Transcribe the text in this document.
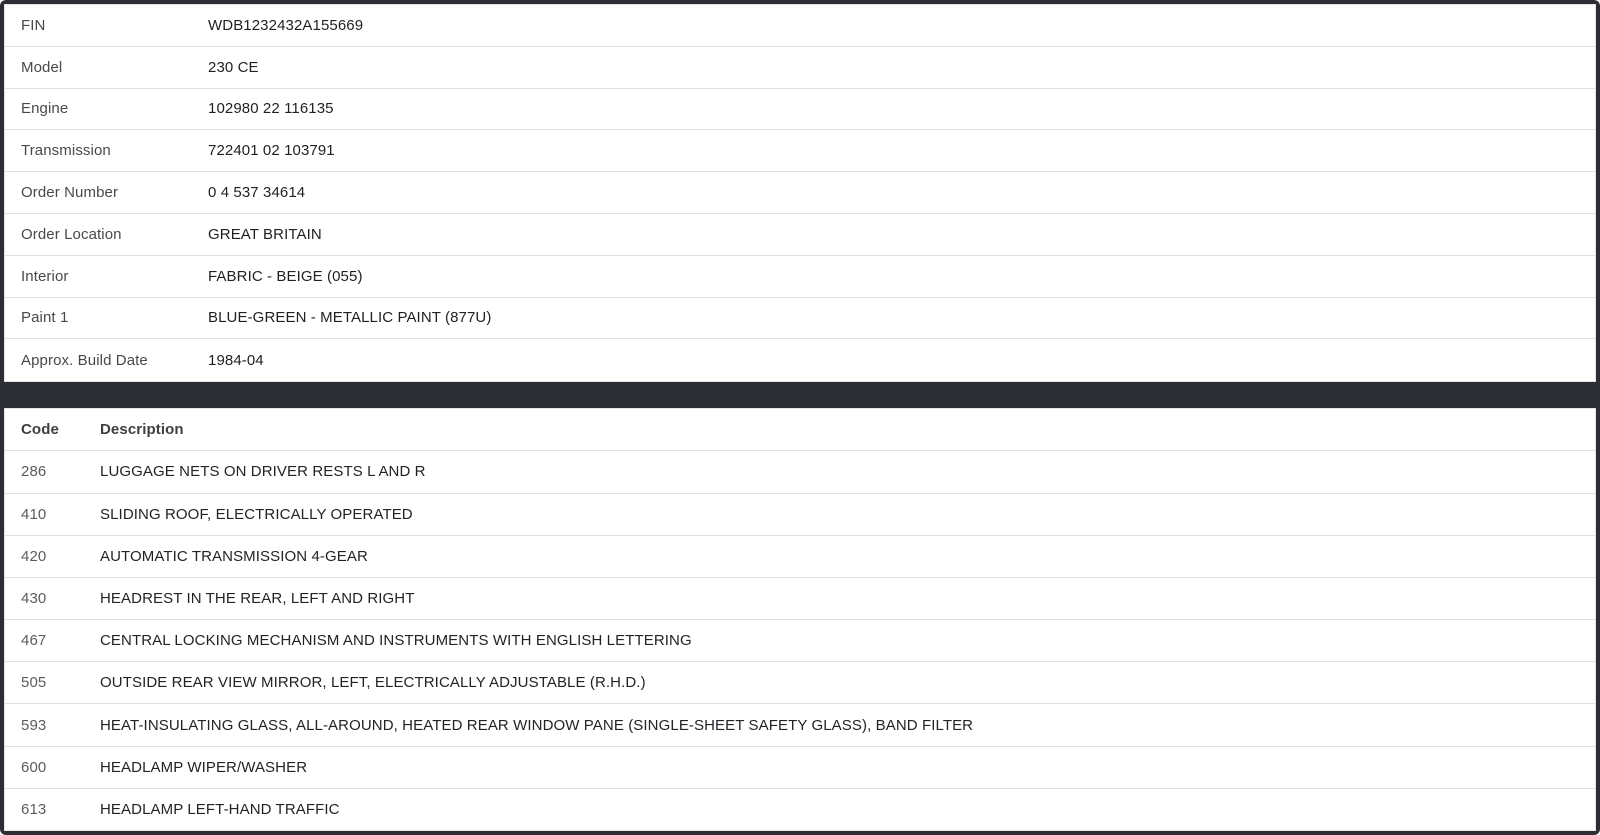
FIN	WDB1232432A155669
Model	230 CE
Engine	102980 22 116135
Transmission	722401 02 103791
Order Number	0 4 537 34614
Order Location	GREAT BRITAIN
Interior	FABRIC - BEIGE (055)
Paint 1	BLUE-GREEN - METALLIC PAINT (877U)
Approx. Build Date	1984-04
Code	Description
286	LUGGAGE NETS ON DRIVER RESTS L AND R
410	SLIDING ROOF, ELECTRICALLY OPERATED
420	AUTOMATIC TRANSMISSION 4-GEAR
430	HEADREST IN THE REAR, LEFT AND RIGHT
467	CENTRAL LOCKING MECHANISM AND INSTRUMENTS WITH ENGLISH LETTERING
505	OUTSIDE REAR VIEW MIRROR, LEFT, ELECTRICALLY ADJUSTABLE (R.H.D.)
593	HEAT-INSULATING GLASS, ALL-AROUND, HEATED REAR WINDOW PANE (SINGLE-SHEET SAFETY GLASS), BAND FILTER
600	HEADLAMP WIPER/WASHER
613	HEADLAMP LEFT-HAND TRAFFIC
